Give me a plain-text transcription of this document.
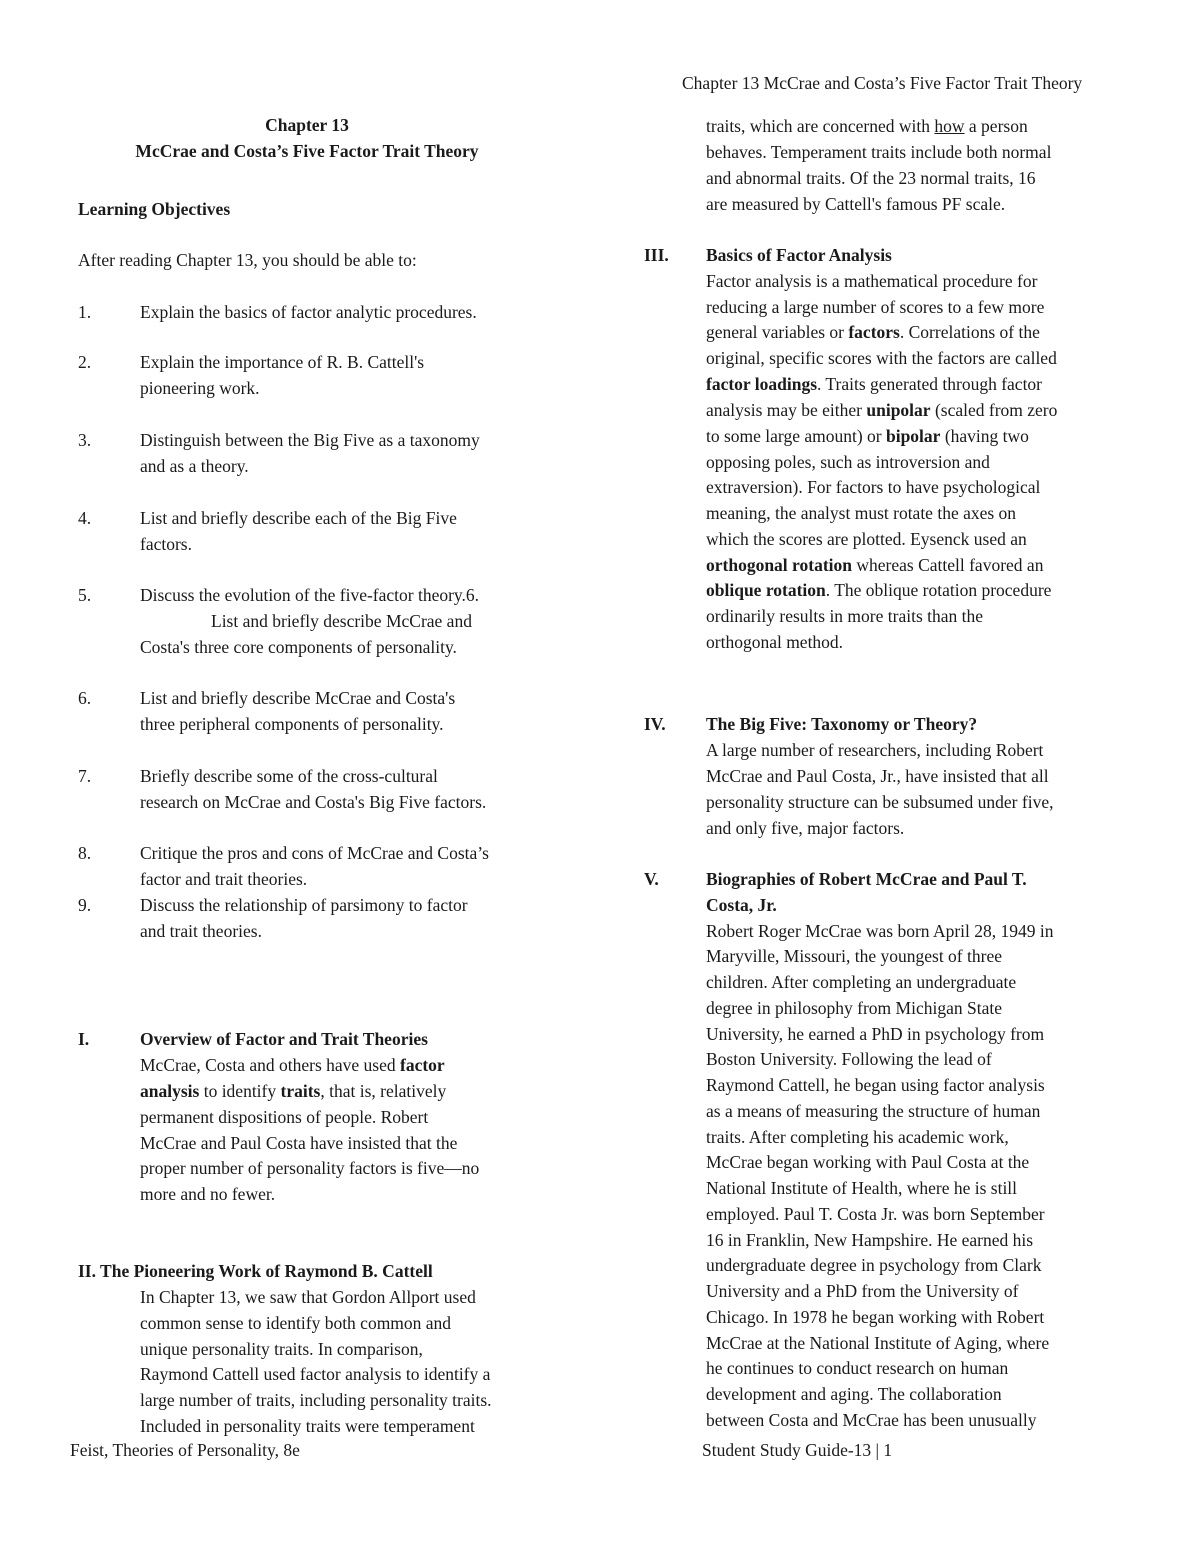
Chapter 13 McCrae and Costa’s Five Factor Trait Theory
Chapter 13
McCrae and Costa’s Five Factor Trait Theory
Learning Objectives
After reading Chapter 13, you should be able to:
1.	Explain the basics of factor analytic procedures.
2.	Explain the importance of R. B. Cattell's
pioneering work.
3.	Distinguish between the Big Five as a taxonomy
and as a theory.
4.	List and briefly describe each of the Big Five
factors.
5.	Discuss the evolution of the five-factor theory.6.
List and briefly describe McCrae and
Costa's three core components of personality.
6.	List and briefly describe McCrae and Costa's
three peripheral components of personality.
7.	Briefly describe some of the cross-cultural
research on McCrae and Costa's Big Five factors.
8.	Critique the pros and cons of McCrae and Costa’s
factor and trait theories.
9.	Discuss the relationship of parsimony to factor
and trait theories.
I.	Overview of Factor and Trait Theories
McCrae, Costa and others have used factor
analysis to identify traits, that is, relatively
permanent dispositions of people. Robert
McCrae and Paul Costa have insisted that the
proper number of personality factors is five—no
more and no fewer.
II. The Pioneering Work of Raymond B. Cattell
In Chapter 13, we saw that Gordon Allport used
common sense to identify both common and
unique personality traits. In comparison,
Raymond Cattell used factor analysis to identify a
large number of traits, including personality traits.
Included in personality traits were temperament
traits, which are concerned with how a person
behaves. Temperament traits include both normal
and abnormal traits. Of the 23 normal traits, 16
are measured by Cattell's famous PF scale.
III. Basics of Factor Analysis
Factor analysis is a mathematical procedure for
reducing a large number of scores to a few more
general variables or factors. Correlations of the
original, specific scores with the factors are called
factor loadings. Traits generated through factor
analysis may be either unipolar (scaled from zero
to some large amount) or bipolar (having two
opposing poles, such as introversion and
extraversion). For factors to have psychological
meaning, the analyst must rotate the axes on
which the scores are plotted. Eysenck used an
orthogonal rotation whereas Cattell favored an
oblique rotation. The oblique rotation procedure
ordinarily results in more traits than the
orthogonal method.
IV. The Big Five: Taxonomy or Theory?
A large number of researchers, including Robert
McCrae and Paul Costa, Jr., have insisted that all
personality structure can be subsumed under five,
and only five, major factors.
V.	Biographies of Robert McCrae and Paul T.
Costa, Jr.
Robert Roger McCrae was born April 28, 1949 in
Maryville, Missouri, the youngest of three
children. After completing an undergraduate
degree in philosophy from Michigan State
University, he earned a PhD in psychology from
Boston University. Following the lead of
Raymond Cattell, he began using factor analysis
as a means of measuring the structure of human
traits. After completing his academic work,
McCrae began working with Paul Costa at the
National Institute of Health, where he is still
employed. Paul T. Costa Jr. was born September
16 in Franklin, New Hampshire. He earned his
undergraduate degree in psychology from Clark
University and a PhD from the University of
Chicago. In 1978 he began working with Robert
McCrae at the National Institute of Aging, where
he continues to conduct research on human
development and aging. The collaboration
between Costa and McCrae has been unusually
Feist, Theories of Personality, 8e	Student Study Guide-13 | 1
